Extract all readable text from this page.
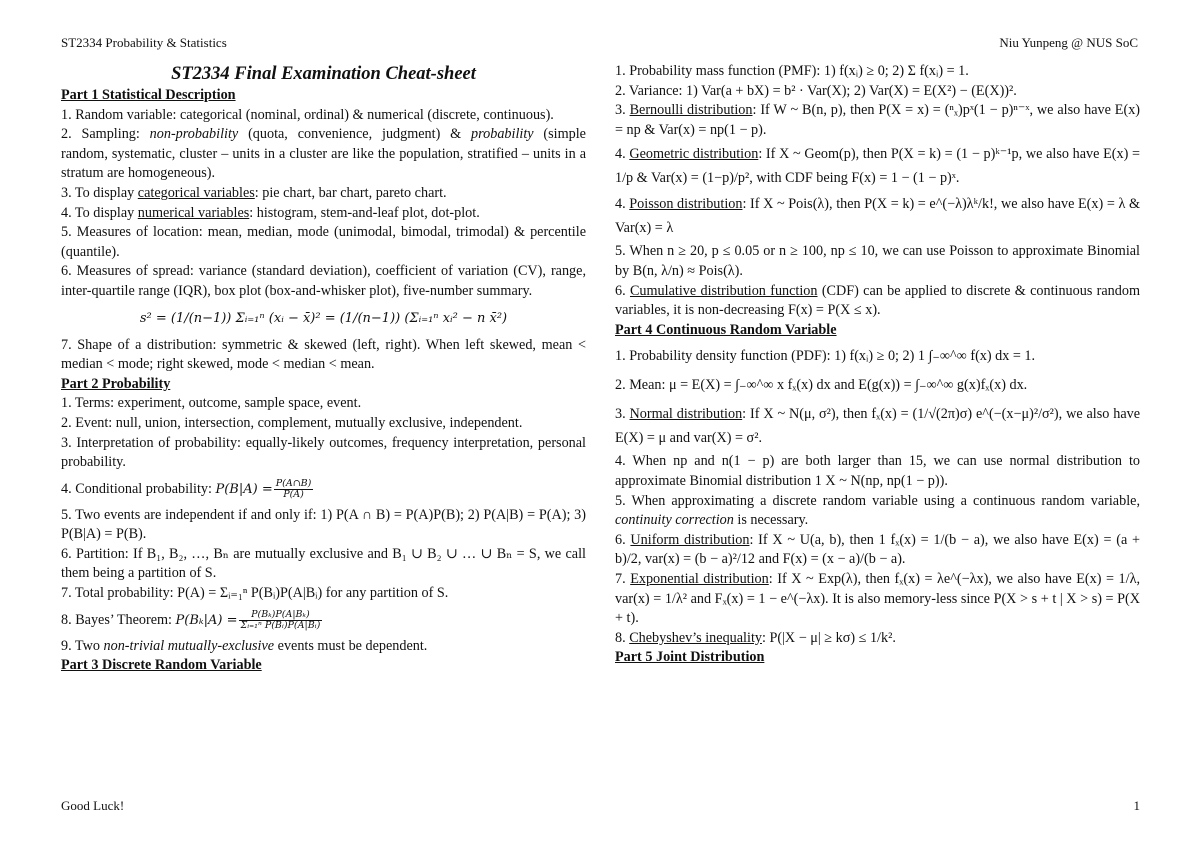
ST2334 Probability & Statistics	Niu Yunpeng @ NUS SoC

ST2334 Final Examination Cheat-sheet

Part 1 Statistical Description

1. Random variable: categorical (nominal, ordinal) & numerical (discrete, continuous).

2. Sampling: non-probability (quota, convenience, judgment) & probability (simple random, systematic, cluster – units in a cluster are like the population, stratified – units in a stratum are homogeneous).

3. To display categorical variables: pie chart, bar chart, pareto chart.

4. To display numerical variables: histogram, stem-and-leaf plot, dot-plot.

5. Measures of location: mean, median, mode (unimodal, bimodal, trimodal) & percentile (quantile).

6. Measures of spread: variance (standard deviation), coefficient of variation (CV), range, inter-quartile range (IQR), box plot (box-and-whisker plot), five-number summary.

s² = (1/(n−1)) Σᵢ₌₁ⁿ (xᵢ − x̄)² = (1/(n−1)) (Σᵢ₌₁ⁿ xᵢ² − n x̄²)

7. Shape of a distribution: symmetric & skewed (left, right). When left skewed, mean < median < mode; right skewed, mode < median < mean.

Part 2 Probability

1. Terms: experiment, outcome, sample space, event.

2. Event: null, union, intersection, complement, mutually exclusive, independent.

3. Interpretation of probability: equally-likely outcomes, frequency interpretation, personal probability.

4. Conditional probability: $P(B|A) = \frac{P(A\cap B)}{P(A)}$

5. Two events are independent if and only if: 1) P(A ∩ B) = P(A)P(B); 2) P(A|B) = P(A); 3) P(B|A) = P(B).

6. Partition: If B₁, B₂, …, Bₙ are mutually exclusive and B₁ ∪ B₂ ∪ … ∪ Bₙ = S, we call them being a partition of S.

7. Total probability: P(A) = Σᵢ₌₁ⁿ P(Bᵢ)P(A|Bᵢ) for any partition of S.

8. Bayes’ Theorem: $P(B_k|A) = \frac{\text{P(Bₖ)P(A|Bₖ)}}{\text{Σᵢ₌₁ⁿ P(Bᵢ)P(A|Bᵢ)}}$

9. Two non-trivial mutually-exclusive events must be dependent.

Part 3 Discrete Random Variable

1. Probability mass function (PMF): 1) f(xᵢ) ≥ 0; 2) Σ f(xᵢ) = 1.

2. Variance: 1) Var(a + bX) = b² · Var(X); 2) Var(X) = E(X²) − (E(X))².

3. Bernoulli distribution: If W ~ B(n, p), then P(X = x) = (ⁿₓ)pˣ(1 − p)ⁿ⁻ˣ, we also have E(x) = np & Var(x) = np(1 − p).

4. Geometric distribution: If X ~ Geom(p), then P(X = k) = (1 − p)ᵏ⁻¹p, we also have E(x) = 1/p & Var(x) = (1−p)/p², with CDF being F(x) = 1 − (1 − p)ˣ.

4. Poisson distribution: If X ~ Pois(λ), then P(X = k) = e^(−λ)λᵏ/k!, we also have E(x) = λ & Var(x) = λ

5. When n ≥ 20, p ≤ 0.05 or n ≥ 100, np ≤ 10, we can use Poisson to approximate Binomial by B(n, λ/n) ≈ Pois(λ).

6. Cumulative distribution function (CDF) can be applied to discrete & continuous random variables, it is non-decreasing F(x) = P(X ≤ x).

Part 4 Continuous Random Variable

1. Probability density function (PDF): 1) f(xᵢ) ≥ 0; 2) 1 ∫₋∞^∞ f(x) dx = 1.

2. Mean: μ = E(X) = ∫₋∞^∞ x fₓ(x) dx and E(g(x)) = ∫₋∞^∞ g(x)fₓ(x) dx.

3. Normal distribution: If X ~ N(μ, σ²), then fₓ(x) = (1/√(2π)σ) e^(−(x−μ)²/σ²), we also have E(X) = μ and var(X) = σ².

4. When np and n(1 − p) are both larger than 15, we can use normal distribution to approximate Binomial distribution 1 X ~ N(np, np(1 − p)).

5. When approximating a discrete random variable using a continuous random variable, continuity correction is necessary.

6. Uniform distribution: If X ~ U(a, b), then 1 fₓ(x) = 1/(b − a), we also have E(x) = (a + b)/2, var(x) = (b − a)²/12 and F(x) = (x − a)/(b − a).

7. Exponential distribution: If X ~ Exp(λ), then fₓ(x) = λe^(−λx), we also have E(x) = 1/λ, var(x) = 1/λ² and Fₓ(x) = 1 − e^(−λx). It is also memory-less since P(X > s + t | X > s) = P(X + t).

8. Chebyshev’s inequality: P(|X − μ| ≥ kσ) ≤ 1/k².

Part 5 Joint Distribution

Good Luck!	1
